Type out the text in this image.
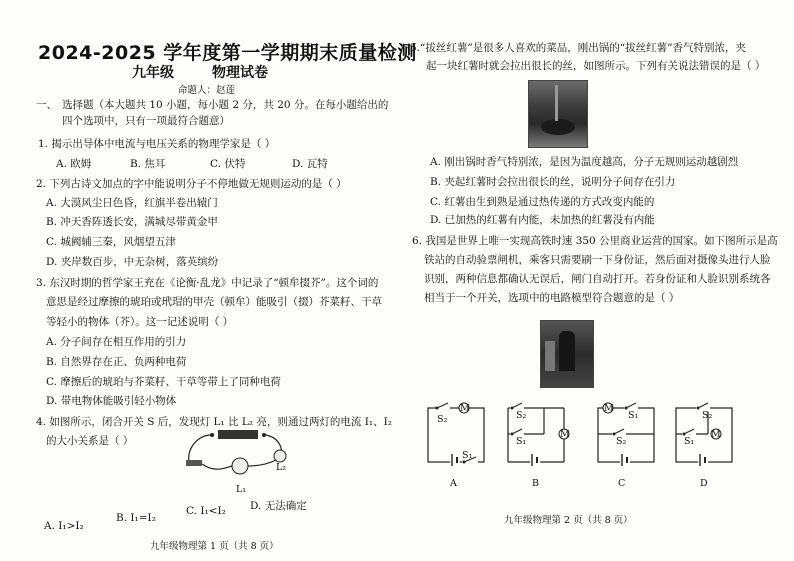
2024-2025 学年度第一学期期末质量检测
九年级	物理试卷
命题人：赵莲
一、 选择题（本大题共 10 小题，每小题 2 分，共 20 分。在每小题给出的
四个选项中，只有一项最符合题意）
1. 揭示出导体中电流与电压关系的物理学家是（ ）
A. 欧姆	B. 焦耳	C. 伏特	D. 瓦特
2. 下列古诗文加点的字中能说明分子不停地做无规则运动的是（ ）
A. 大漠风尘日色昏，红旗半卷出辕门
B. 冲天香阵透长安，满城尽带黄金甲
C. 城阙辅三秦，风烟望五津
D. 夹岸数百步，中无杂树，落英缤纷
3. 东汉时期的哲学家王充在《论衡·乱龙》中记录了“顿牟掇芥”。这个词的
意思是经过摩擦的琥珀或玳瑁的甲壳（顿牟）能吸引（掇）芥菜籽、干草
等轻小的物体（芥）。这一记述说明（ ）
A. 分子间存在相互作用的引力
B. 自然界存在正、负两种电荷
C. 摩擦后的琥珀与芥菜籽、干草等带上了同种电荷
D. 带电物体能吸引轻小物体
4. 如图所示，闭合开关 S 后，发现灯 L₁ 比 L₂ 亮，则通过两灯的电流 I₁、I₂
的大小关系是（ ）
L₂
L₁
B. I₁=I₂
C. I₁<I₂ D. 无法确定
A. I₁>I₂
九年级物理第 1 页（共 8 页）
5.“拔丝红薯”是很多人喜欢的菜品，刚出锅的“拔丝红薯”香气特别浓，夹
起一块红薯时就会拉出很长的丝，如图所示。下列有关说法错误的是（ ）
A. 刚出锅时香气特别浓，是因为温度越高，分子无规则运动越剧烈
B. 夹起红薯时会拉出很长的丝，说明分子间存在引力
C. 红薯由生到熟是通过热传递的方式改变内能的
D. 已加热的红薯有内能，未加热的红薯没有内能
6. 我国是世界上唯一实现高铁时速 350 公里商业运营的国家。如下图所示是高
铁站的自动验票闸机，乘客只需要刷一下身份证，然后面对摄像头进行人脸
识别，两种信息都确认无误后，闸门自动打开。若身份证和人脸识别系统各
相当于一个开关，选项中的电路模型符合题意的是（ ）
M
S₂
S₁
A
S₂
S₁
M
B
M
S₁
S₂
C
S₂
S₁
M
D
九年级物理第 2 页（共 8 页）
